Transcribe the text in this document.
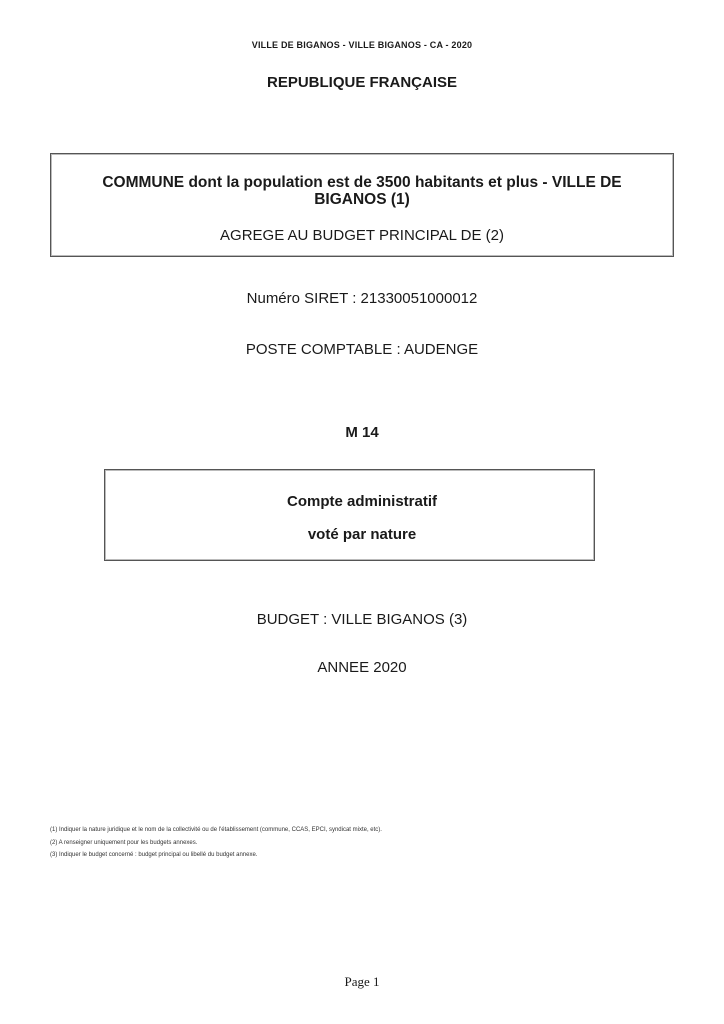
VILLE DE BIGANOS - VILLE BIGANOS - CA - 2020
REPUBLIQUE FRANÇAISE
COMMUNE dont la population est de 3500 habitants et plus - VILLE DE BIGANOS (1)
AGREGE AU BUDGET PRINCIPAL DE (2)
Numéro SIRET : 21330051000012
POSTE COMPTABLE : AUDENGE
M 14
Compte administratif
voté par nature
BUDGET : VILLE BIGANOS (3)
ANNEE 2020
(1) Indiquer la nature juridique et le nom de la collectivité ou de l'établissement (commune, CCAS, EPCI, syndicat mixte, etc).
(2) A renseigner uniquement pour les budgets annexes.
(3) Indiquer le budget concerné : budget principal ou libellé du budget annexe.
Page 1
